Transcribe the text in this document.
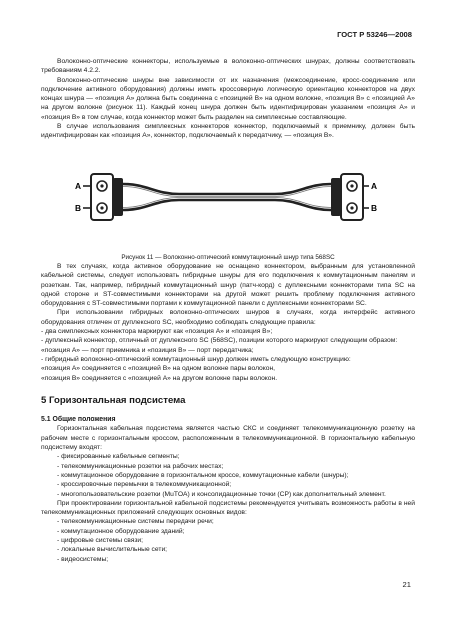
ГОСТ Р 53246—2008

Волоконно-оптические коннекторы, используемые в волоконно-оптических шнурах, должны соответствовать требованиям 4.2.2.

Волоконно-оптические шнуры вне зависимости от их назначения (межсоединение, кросс-соединение или подключение активного оборудования) должны иметь кроссоверную логическую ориентацию коннекторов на двух концах шнура — «позиция А» должна быть соединена с «позицией В» на одном волокне, «позиция В» с «позицией А» на другом волокне (рисунок 11). Каждый конец шнура должен быть идентифицирован указанием «позиция А» и «позиция В» в том случае, когда коннектор может быть разделен на симплексные составляющие.

В случае использования симплексных коннекторов коннектор, подключаемый к приемнику, должен быть идентифицирован как «позиция А», коннектор, подключаемый к передатчику, — «позиция В».

A
B
A
B

Рисунок 11 — Волоконно-оптический коммутационный шнур типа 568SC

В тех случаях, когда активное оборудование не оснащено коннектором, выбранным для установленной кабельной системы, следует использовать гибридные шнуры для его подключения к коммутационным панелям и розеткам. Так, например, гибридный коммутационный шнур (патч-корд) с дуплексными коннекторами типа SC на одной стороне и ST-совместимыми коннекторами на другой может решить проблему подключения активного оборудования с ST-совместимыми портами к коммутационной панели с дуплексными коннекторами SC.

При использовании гибридных волоконно-оптических шнуров в случаях, когда интерфейс активного оборудования отличен от дуплексного SC, необходимо соблюдать следующие правила:

- два симплексных коннектора маркируют как «позиция А» и «позиция В»;

- дуплексный коннектор, отличный от дуплексного SC (568SC), позиции которого маркируют следующим образом:

«позиция А» — порт приемника и «позиция В» — порт передатчика;

- гибридный волоконно-оптический коммутационный шнур должен иметь следующую конструкцию:

«позиция А» соединяется с «позицией В» на одном волокне пары волокон,

«позиция В» соединяется с «позицией А» на другом волокне пары волокон.

5 Горизонтальная подсистема
5.1 Общие положения

Горизонтальная кабельная подсистема является частью СКС и соединяет телекоммуникационную розетку на рабочем месте с горизонтальным кроссом, расположенным в телекоммуникационной. В горизонтальную кабельную подсистему входят:

- фиксированные кабельные сегменты;

- телекоммуникационные розетки на рабочих местах;

- коммутационное оборудование в горизонтальном кроссе, коммутационные кабели (шнуры);

- кроссировочные перемычки в телекоммуникационной;

- многопользовательские розетки (MuTOA) и консолидационные точки (CP) как дополнительный элемент.

При проектировании горизонтальной кабельной подсистемы рекомендуется учитывать возможность работы в ней телекоммуникационных приложений следующих основных видов:

- телекоммуникационные системы передачи речи;

- коммутационное оборудование зданий;

- цифровые системы связи;

- локальные вычислительные сети;

- видеосистемы;

21
